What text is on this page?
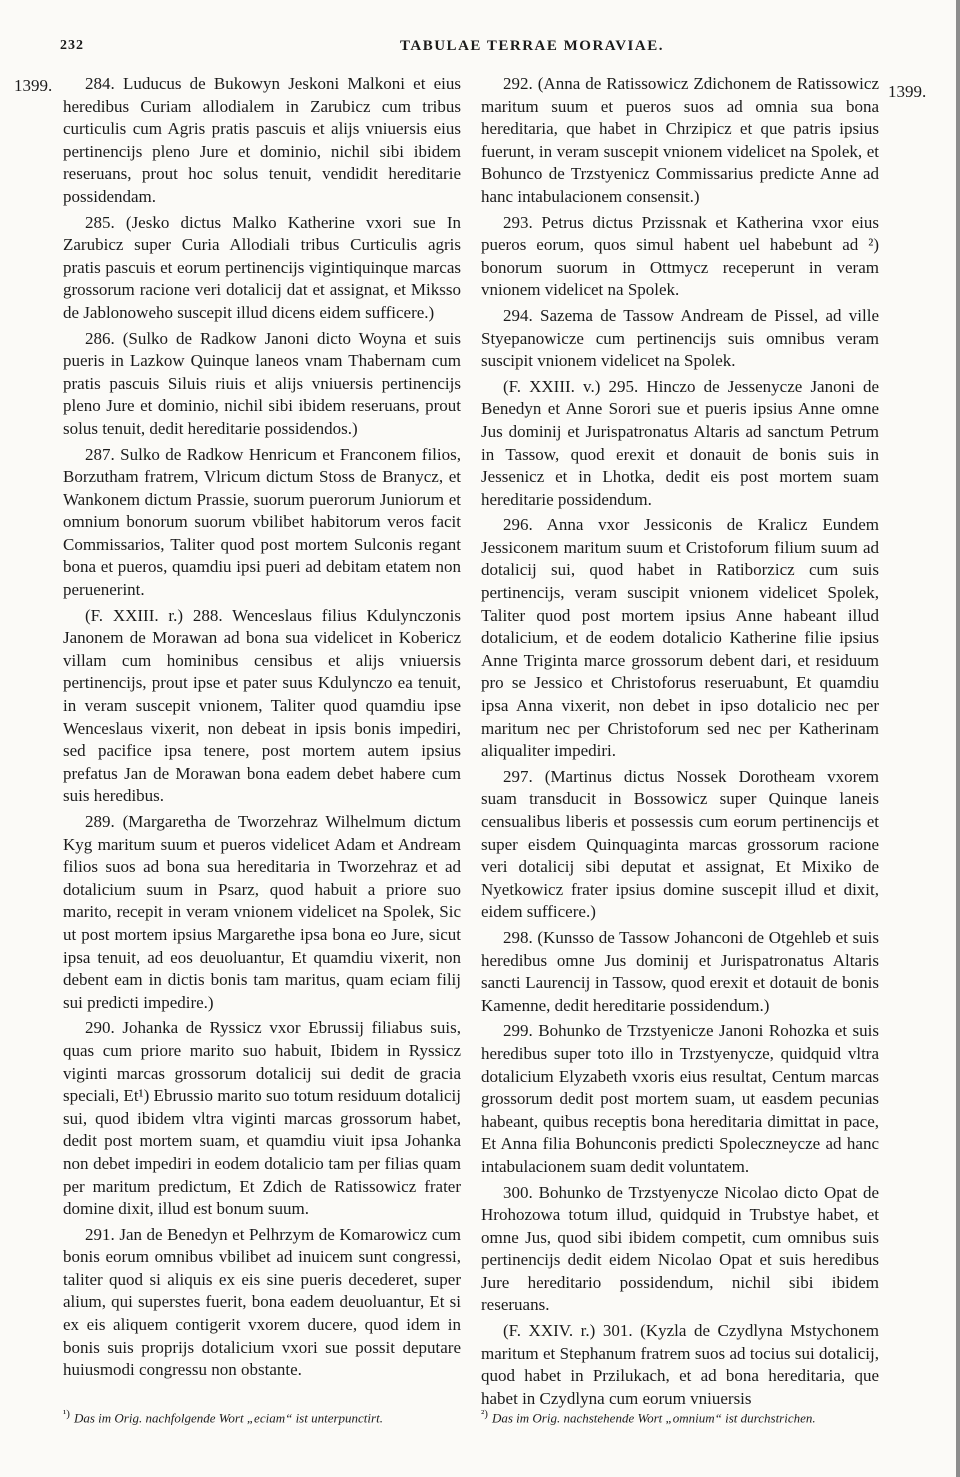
232	TABULAE TERRAE MORAVIAE.
1399.	1399.

284. Luducus de Bukowyn Jeskoni Malkoni et eius heredibus Curiam allodialem in Zarubicz cum tribus curticulis cum Agris pratis pascuis et alijs vniuersis eius pertinencijs pleno Jure et dominio, nichil sibi ibidem reseruans, prout hoc solus tenuit, vendidit hereditarie possidendam.

285. (Jesko dictus Malko Katherine vxori sue In Zarubicz super Curia Allodiali tribus Curticulis agris pratis pascuis et eorum pertinencijs vigintiquinque marcas grossorum racione veri dotalicij dat et assignat, et Miksso de Jablonoweho suscepit illud dicens eidem sufficere.)

286. (Sulko de Radkow Janoni dicto Woyna et suis pueris in Lazkow Quinque laneos vnam Thabernam cum pratis pascuis Siluis riuis et alijs vniuersis pertinencijs pleno Jure et dominio, nichil sibi ibidem reseruans, prout solus tenuit, dedit hereditarie possidendos.)

287. Sulko de Radkow Henricum et Franconem filios, Borzutham fratrem, Vlricum dictum Stoss de Branycz, et Wankonem dictum Prassie, suorum puerorum Juniorum et omnium bonorum suorum vbilibet habitorum veros facit Commissarios, Taliter quod post mortem Sulconis regant bona et pueros, quamdiu ipsi pueri ad debitam etatem non peruenerint.

(F. XXIII. r.) 288. Wenceslaus filius Kdulynczonis Janonem de Morawan ad bona sua videlicet in Kobericz villam cum hominibus censibus et alijs vniuersis pertinencijs, prout ipse et pater suus Kdulynczo ea tenuit, in veram suscepit vnionem, Taliter quod quamdiu ipse Wenceslaus vixerit, non debeat in ipsis bonis impediri, sed pacifice ipsa tenere, post mortem autem ipsius prefatus Jan de Morawan bona eadem debet habere cum suis heredibus.

289. (Margaretha de Tworzehraz Wilhelmum dictum Kyg maritum suum et pueros videlicet Adam et Andream filios suos ad bona sua hereditaria in Tworzehraz et ad dotalicium suum in Psarz, quod habuit a priore suo marito, recepit in veram vnionem videlicet na Spolek, Sic ut post mortem ipsius Margarethe ipsa bona eo Jure, sicut ipsa tenuit, ad eos deuoluantur, Et quamdiu vixerit, non debent eam in dictis bonis tam maritus, quam eciam filij sui predicti impedire.)

290. Johanka de Ryssicz vxor Ebrussij filiabus suis, quas cum priore marito suo habuit, Ibidem in Ryssicz viginti marcas grossorum dotalicij sui dedit de gracia speciali, Et¹) Ebrussio marito suo totum residuum dotalicij sui, quod ibidem vltra viginti marcas grossorum habet, dedit post mortem suam, et quamdiu viuit ipsa Johanka non debet impediri in eodem dotalicio tam per filias quam per maritum predictum, Et Zdich de Ratissowicz frater domine dixit, illud est bonum suum.

291. Jan de Benedyn et Pelhrzym de Komarowicz cum bonis eorum omnibus vbilibet ad inuicem sunt congressi, taliter quod si aliquis ex eis sine pueris decederet, super alium, qui superstes fuerit, bona eadem deuoluantur, Et si ex eis aliquem contigerit vxorem ducere, quod idem in bonis suis proprijs dotalicium vxori sue possit deputare huiusmodi congressu non obstante.

292. (Anna de Ratissowicz Zdichonem de Ratissowicz maritum suum et pueros suos ad omnia sua bona hereditaria, que habet in Chrzipicz et que patris ipsius fuerunt, in veram suscepit vnionem videlicet na Spolek, et Bohunco de Trzstyenicz Commissarius predicte Anne ad hanc intabulacionem consensit.)

293. Petrus dictus Przissnak et Katherina vxor eius pueros eorum, quos simul habent uel habebunt ad ²) bonorum suorum in Ottmycz receperunt in veram vnionem videlicet na Spolek.

294. Sazema de Tassow Andream de Pissel, ad ville Styepanowicze cum pertinencijs suis omnibus veram suscipit vnionem videlicet na Spolek.

(F. XXIII. v.) 295. Hinczo de Jessenycze Janoni de Benedyn et Anne Sorori sue et pueris ipsius Anne omne Jus dominij et Jurispatronatus Altaris ad sanctum Petrum in Tassow, quod erexit et donauit de bonis suis in Jessenicz et in Lhotka, dedit eis post mortem suam hereditarie possidendum.

296. Anna vxor Jessiconis de Kralicz Eundem Jessiconem maritum suum et Cristoforum filium suum ad dotalicij sui, quod habet in Ratiborzicz cum suis pertinencijs, veram suscipit vnionem videlicet Spolek, Taliter quod post mortem ipsius Anne habeant illud dotalicium, et de eodem dotalicio Katherine filie ipsius Anne Triginta marce grossorum debent dari, et residuum pro se Jessico et Christoforus reseruabunt, Et quamdiu ipsa Anna vixerit, non debet in ipso dotalicio nec per maritum nec per Christoforum sed nec per Katherinam aliqualiter impediri.

297. (Martinus dictus Nossek Dorotheam vxorem suam transducit in Bossowicz super Quinque laneis censualibus liberis et possessis cum eorum pertinencijs et super eisdem Quinquaginta marcas grossorum racione veri dotalicij sibi deputat et assignat, Et Mixiko de Nyetkowicz frater ipsius domine suscepit illud et dixit, eidem sufficere.)

298. (Kunsso de Tassow Johanconi de Otgehleb et suis heredibus omne Jus dominij et Jurispatronatus Altaris sancti Laurencij in Tassow, quod erexit et dotauit de bonis Kamenne, dedit hereditarie possidendum.)

299. Bohunko de Trzstyenicze Janoni Rohozka et suis heredibus super toto illo in Trzstyenycze, quidquid vltra dotalicium Elyzabeth vxoris eius resultat, Centum marcas grossorum dedit post mortem suam, ut easdem pecunias habeant, quibus receptis bona hereditaria dimittat in pace, Et Anna filia Bohunconis predicti Spoleczneycze ad hanc intabulacionem suam dedit voluntatem.

300. Bohunko de Trzstyenycze Nicolao dicto Opat de Hrohozowa totum illud, quidquid in Trubstye habet, et omne Jus, quod sibi ibidem competit, cum omnibus suis pertinencijs dedit eidem Nicolao Opat et suis heredibus Jure hereditario possidendum, nichil sibi ibidem reseruans.

(F. XXIV. r.) 301. (Kyzla de Czydlyna Mstychonem maritum et Stephanum fratrem suos ad tocius sui dotalicij, quod habet in Przilukach, et ad bona hereditaria, que habet in Czydlyna cum eorum vniuersis

$^{^1)}$ Das im Orig. nachfolgende Wort „eciam“ ist unterpunctirt.	$^{^2)}$ Das im Orig. nachstehende Wort „omnium“ ist durchstrichen.
